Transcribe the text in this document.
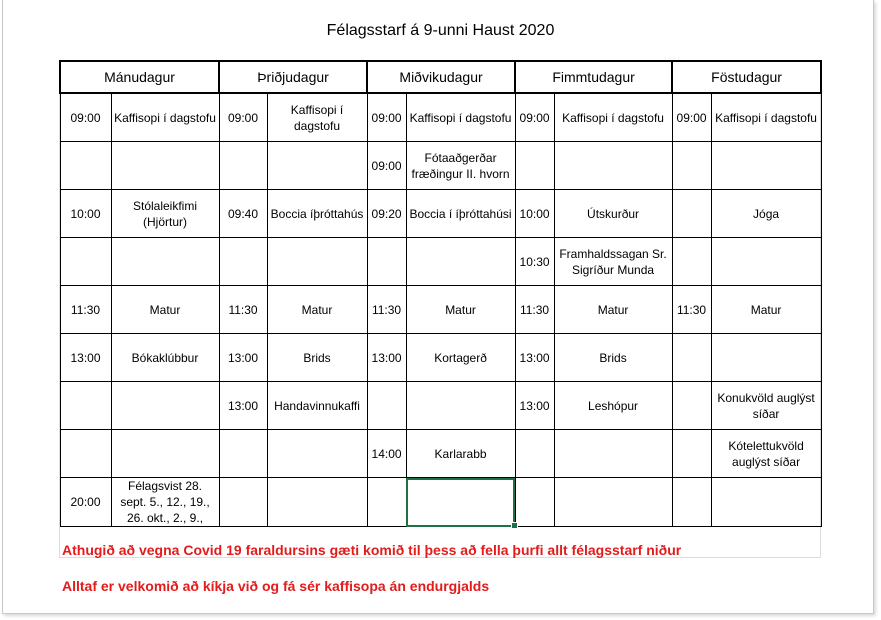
Félagsstarf á 9-unni Haust 2020
Mánudagur		Þriðjudagur		Miðvikudagur		Fimmtudagur		Föstudagur	
09:00	Kaffisopi í dagstofu	09:00	Kaffisopi í dagstofu	09:00	Kaffisopi í dagstofu	09:00	Kaffisopi í dagstofu	09:00	Kaffisopi í dagstofu
				09:00	Fótaaðgerðar fræðingur II. hvorn				
10:00	Stólaleikfimi (Hjörtur)	09:40	Boccia íþróttahús	09:20	Boccia í íþróttahúsi	10:00	Útskurður		Jóga
						10:30	Framhaldssagan Sr. Sigríður Munda		
11:30	Matur	11:30	Matur	11:30	Matur	11:30	Matur	11:30	Matur
13:00	Bókaklúbbur	13:00	Brids	13:00	Kortagerð	13:00	Brids		
		13:00	Handavinnukaffi			13:00	Leshópur		Konukvöld auglýst síðar
				14:00	Karlarabb				Kótelettukvöld auglýst síðar
20:00	Félagsvist 28. sept. 5., 12., 19., 26. okt., 2., 9.,								
Athugið að vegna Covid 19 faraldursins gæti komið til þess að fella þurfi allt félagsstarf niður
Alltaf er velkomið að kíkja við og fá sér kaffisopa án endurgjalds
